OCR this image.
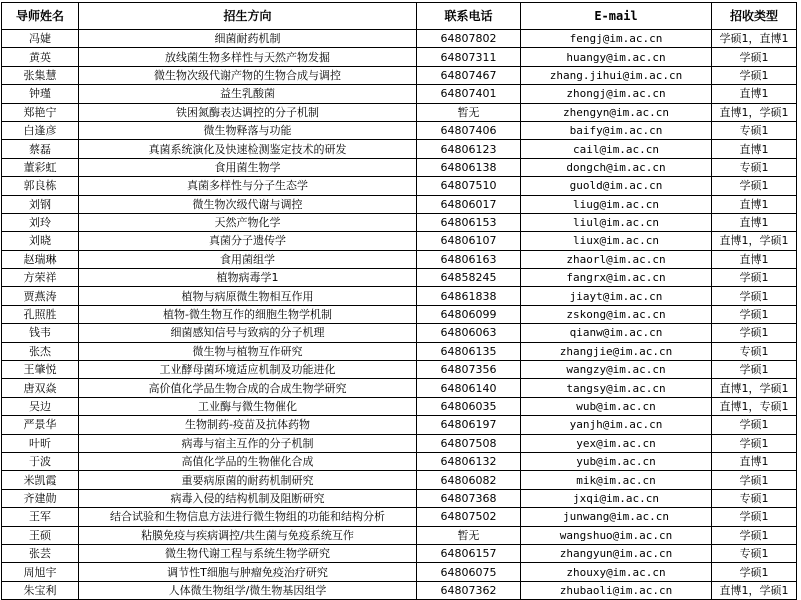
导师姓名	招生方向	联系电话	E-mail	招收类型
冯婕	细菌耐药机制	64807802	fengj@im.ac.cn	学硕1，直博1
黄英	放线菌生物多样性与天然产物发掘	64807311	huangy@im.ac.cn	学硕1
张集慧	微生物次级代谢产物的生物合成与调控	64807467	zhang.jihui@im.ac.cn	学硕1
钟瑾	益生乳酸菌	64807401	zhongj@im.ac.cn	直博1
郑艳宁	铁困氮酶表达调控的分子机制	暂无	zhengyn@im.ac.cn	直博1，学硕1
白逢彦	微生物释落与功能	64807406	baify@im.ac.cn	专硕1
蔡磊	真菌系统演化及快速检测鉴定技术的研发	64806123	cail@im.ac.cn	直博1
董彩虹	食用菌生物学	64806138	dongch@im.ac.cn	专硕1
郭良栋	真菌多样性与分子生态学	64807510	guold@im.ac.cn	学硕1
刘钢	微生物次级代谢与调控	64806017	liug@im.ac.cn	直博1
刘玲	天然产物化学	64806153	liul@im.ac.cn	直博1
刘晓	真菌分子遗传学	64806107	liux@im.ac.cn	直博1，学硕1
赵瑞琳	食用菌组学	64806163	zhaorl@im.ac.cn	直博1
方荣祥	植物病毒学1	64858245	fangrx@im.ac.cn	学硕1
贾燕涛	植物与病原微生物相互作用	64861838	jiayt@im.ac.cn	学硕1
孔照胜	植物-微生物互作的细胞生物学机制	64806099	zskong@im.ac.cn	学硕1
钱韦	细菌感知信号与致病的分子机理	64806063	qianw@im.ac.cn	学硕1
张杰	微生物与植物互作研究	64806135	zhangjie@im.ac.cn	专硕1
王肇悦	工业酵母菌环境适应机制及功能进化	64807356	wangzy@im.ac.cn	学硕1
唐双焱	高价值化学品生物合成的合成生物学研究	64806140	tangsy@im.ac.cn	直博1，学硕1
吴边	工业酶与微生物催化	64806035	wub@im.ac.cn	直博1，专硕1
严景华	生物制药-疫苗及抗体药物	64806197	yanjh@im.ac.cn	学硕1
叶昕	病毒与宿主互作的分子机制	64807508	yex@im.ac.cn	学硕1
于波	高值化学品的生物催化合成	64806132	yub@im.ac.cn	直博1
米凯霞	重要病原菌的耐药机制研究	64806082	mik@im.ac.cn	学硕1
齐建勋	病毒入侵的结构机制及阻断研究	64807368	jxqi@im.ac.cn	专硕1
王军	结合试验和生物信息方法进行微生物组的功能和结构分析	64807502	junwang@im.ac.cn	学硕1
王硕	粘膜免疫与疾病调控/共生菌与免疫系统互作	暂无	wangshuo@im.ac.cn	学硕1
张芸	微生物代谢工程与系统生物学研究	64806157	zhangyun@im.ac.cn	专硕1
周旭宇	调节性T细胞与肿瘤免疫治疗研究	64806075	zhouxy@im.ac.cn	学硕1
朱宝利	人体微生物组学/微生物基因组学	64807362	zhubaoli@im.ac.cn	直博1，学硕1
